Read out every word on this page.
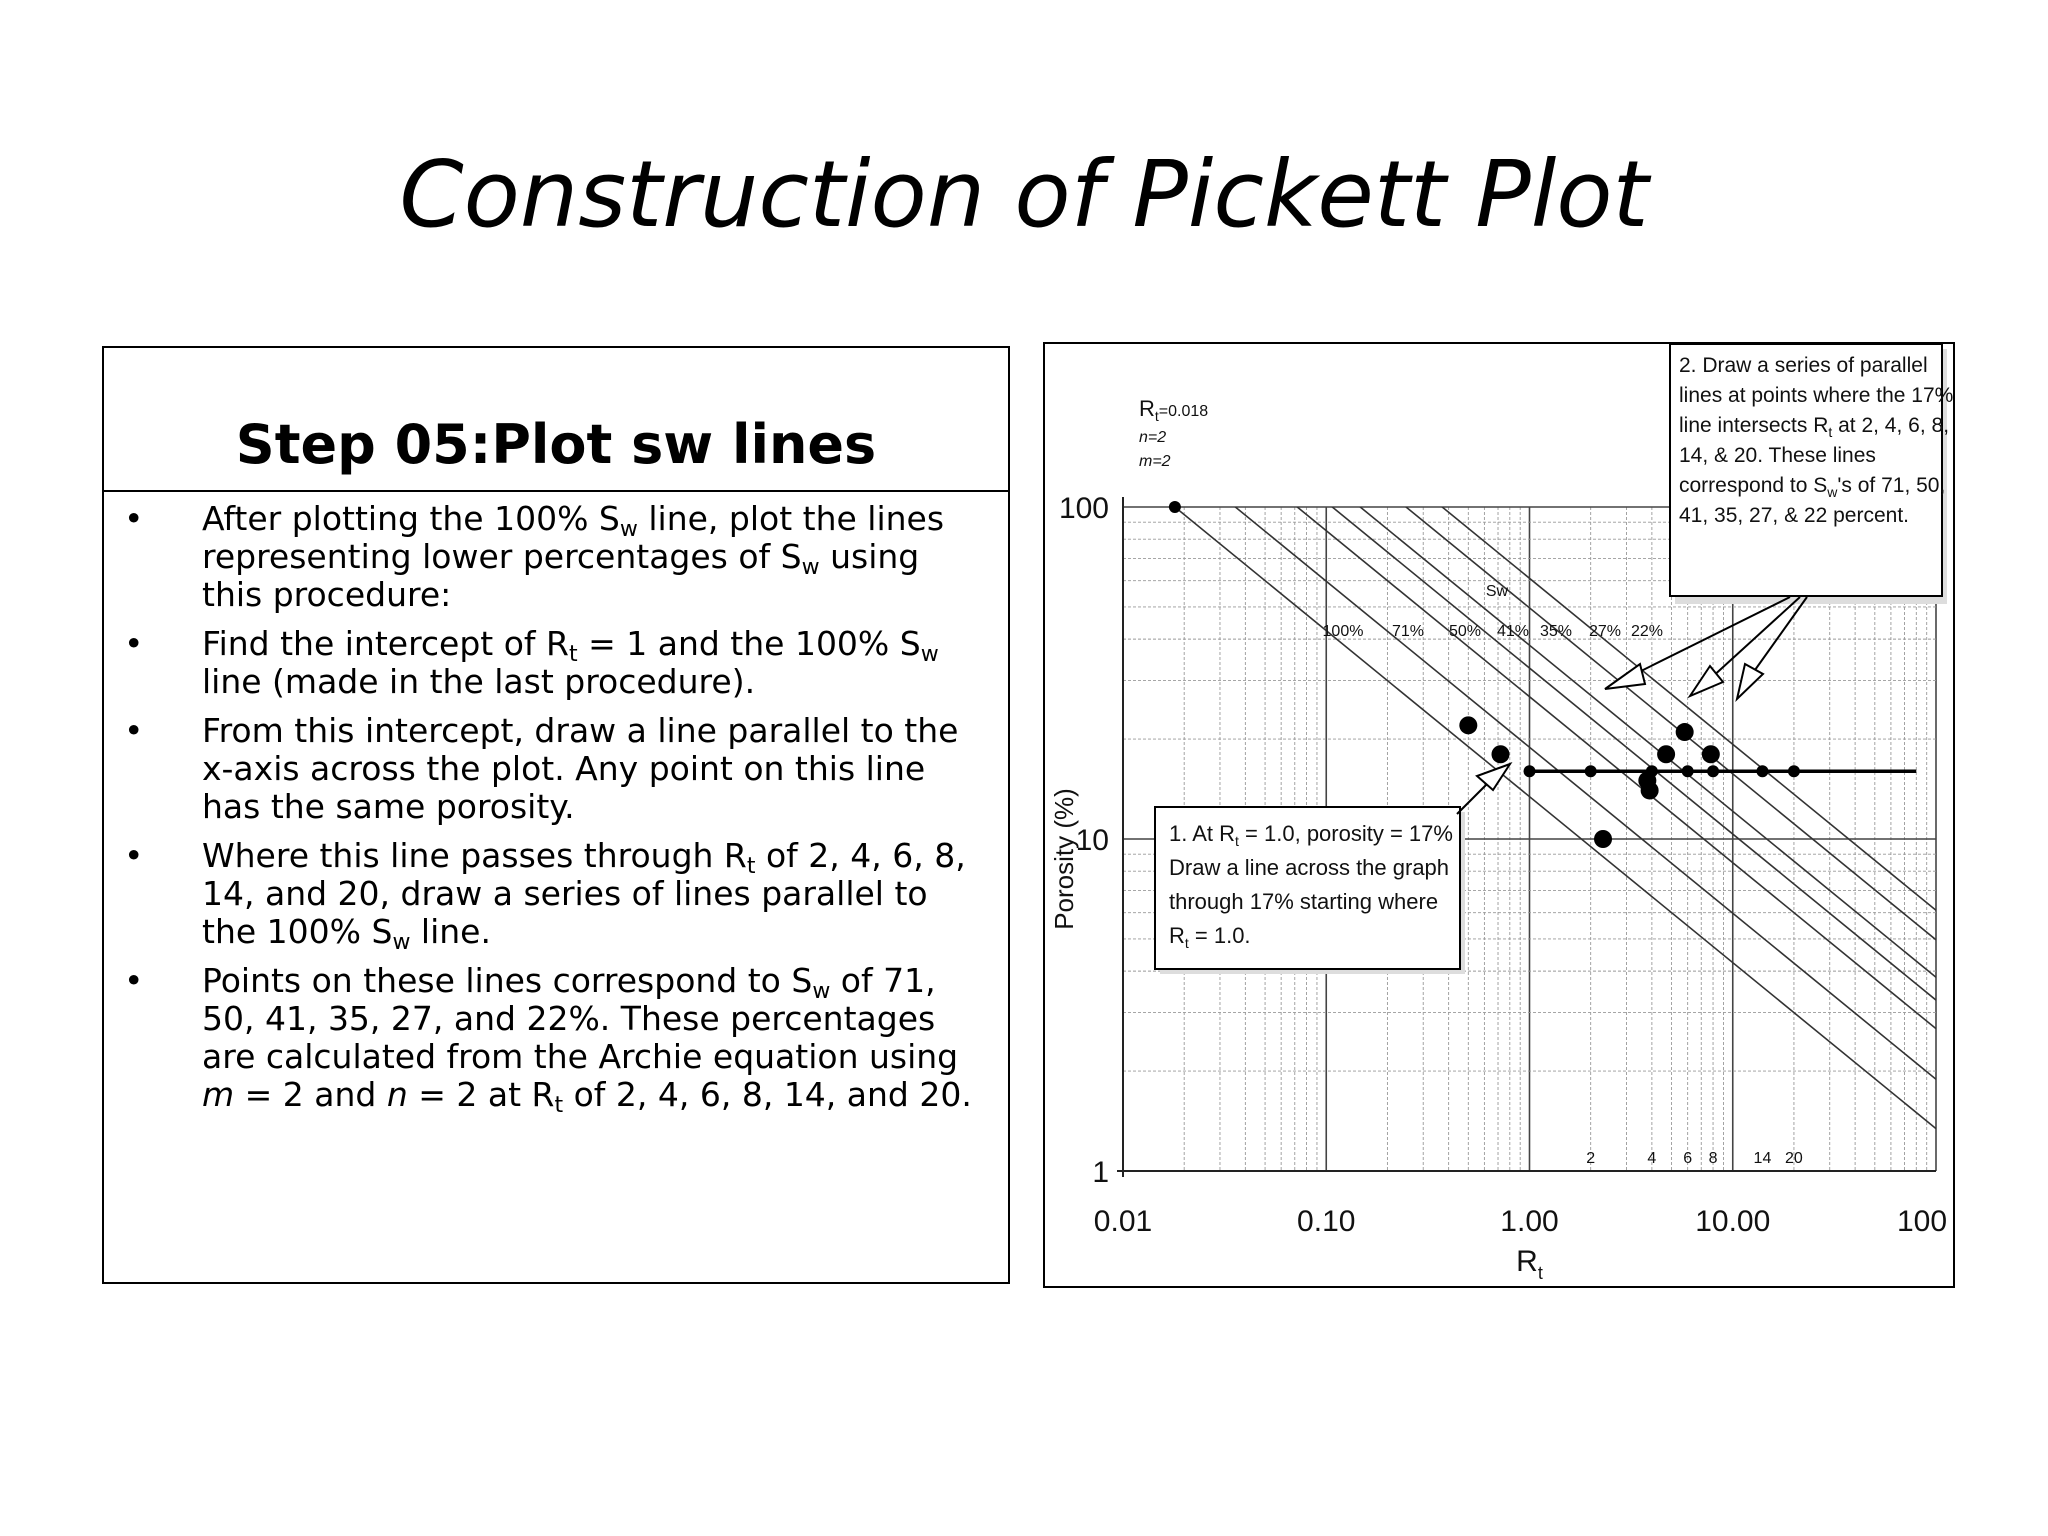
Construction of Pickett Plot
Step 05:Plot sw lines
• After plotting the 100% $S_w$ line, plot the lines representing lower percentages of $S_w$ using this procedure:
• Find the intercept of $R_t = 1$ and the 100% $S_w$ line (made in the last procedure).
• From this intercept, draw a line parallel to the x-axis across the plot. Any point on this line has the same porosity.
• Where this line passes through $R_t$ of 2, 4, 6, 8, 14, and 20, draw a series of lines parallel to the 100% $S_w$ line.
• Points on these lines correspond to $S_w$ of 71, 50, 41, 35, 27, and 22%. These percentages are calculated from the Archie equation using m = 2 and n = 2 at $R_t$ of 2, 4, 6, 8, 14, and 20.
0.01	0.10	1.00	10.00	100
1
10
100
$R_t$
Porosity (%)
$R_t^{=0.018}$
n=2
m=2
2	4 6 8 14 20
Sw
100% 71% 50% 41% 35% 27% 22%
1. At $R_t = 1.0$, porosity = 17%
Draw a line across the graph
through 17% starting where
$R_t = 1.0$.
2. Draw a series of parallel
lines at points where the 17%
line intersects $R_t$ at 2, 4, 6, 8,
14, & 20. These lines
correspond to $S_w's$ of 71, 50,
41, 35, 27, & 22 percent.
